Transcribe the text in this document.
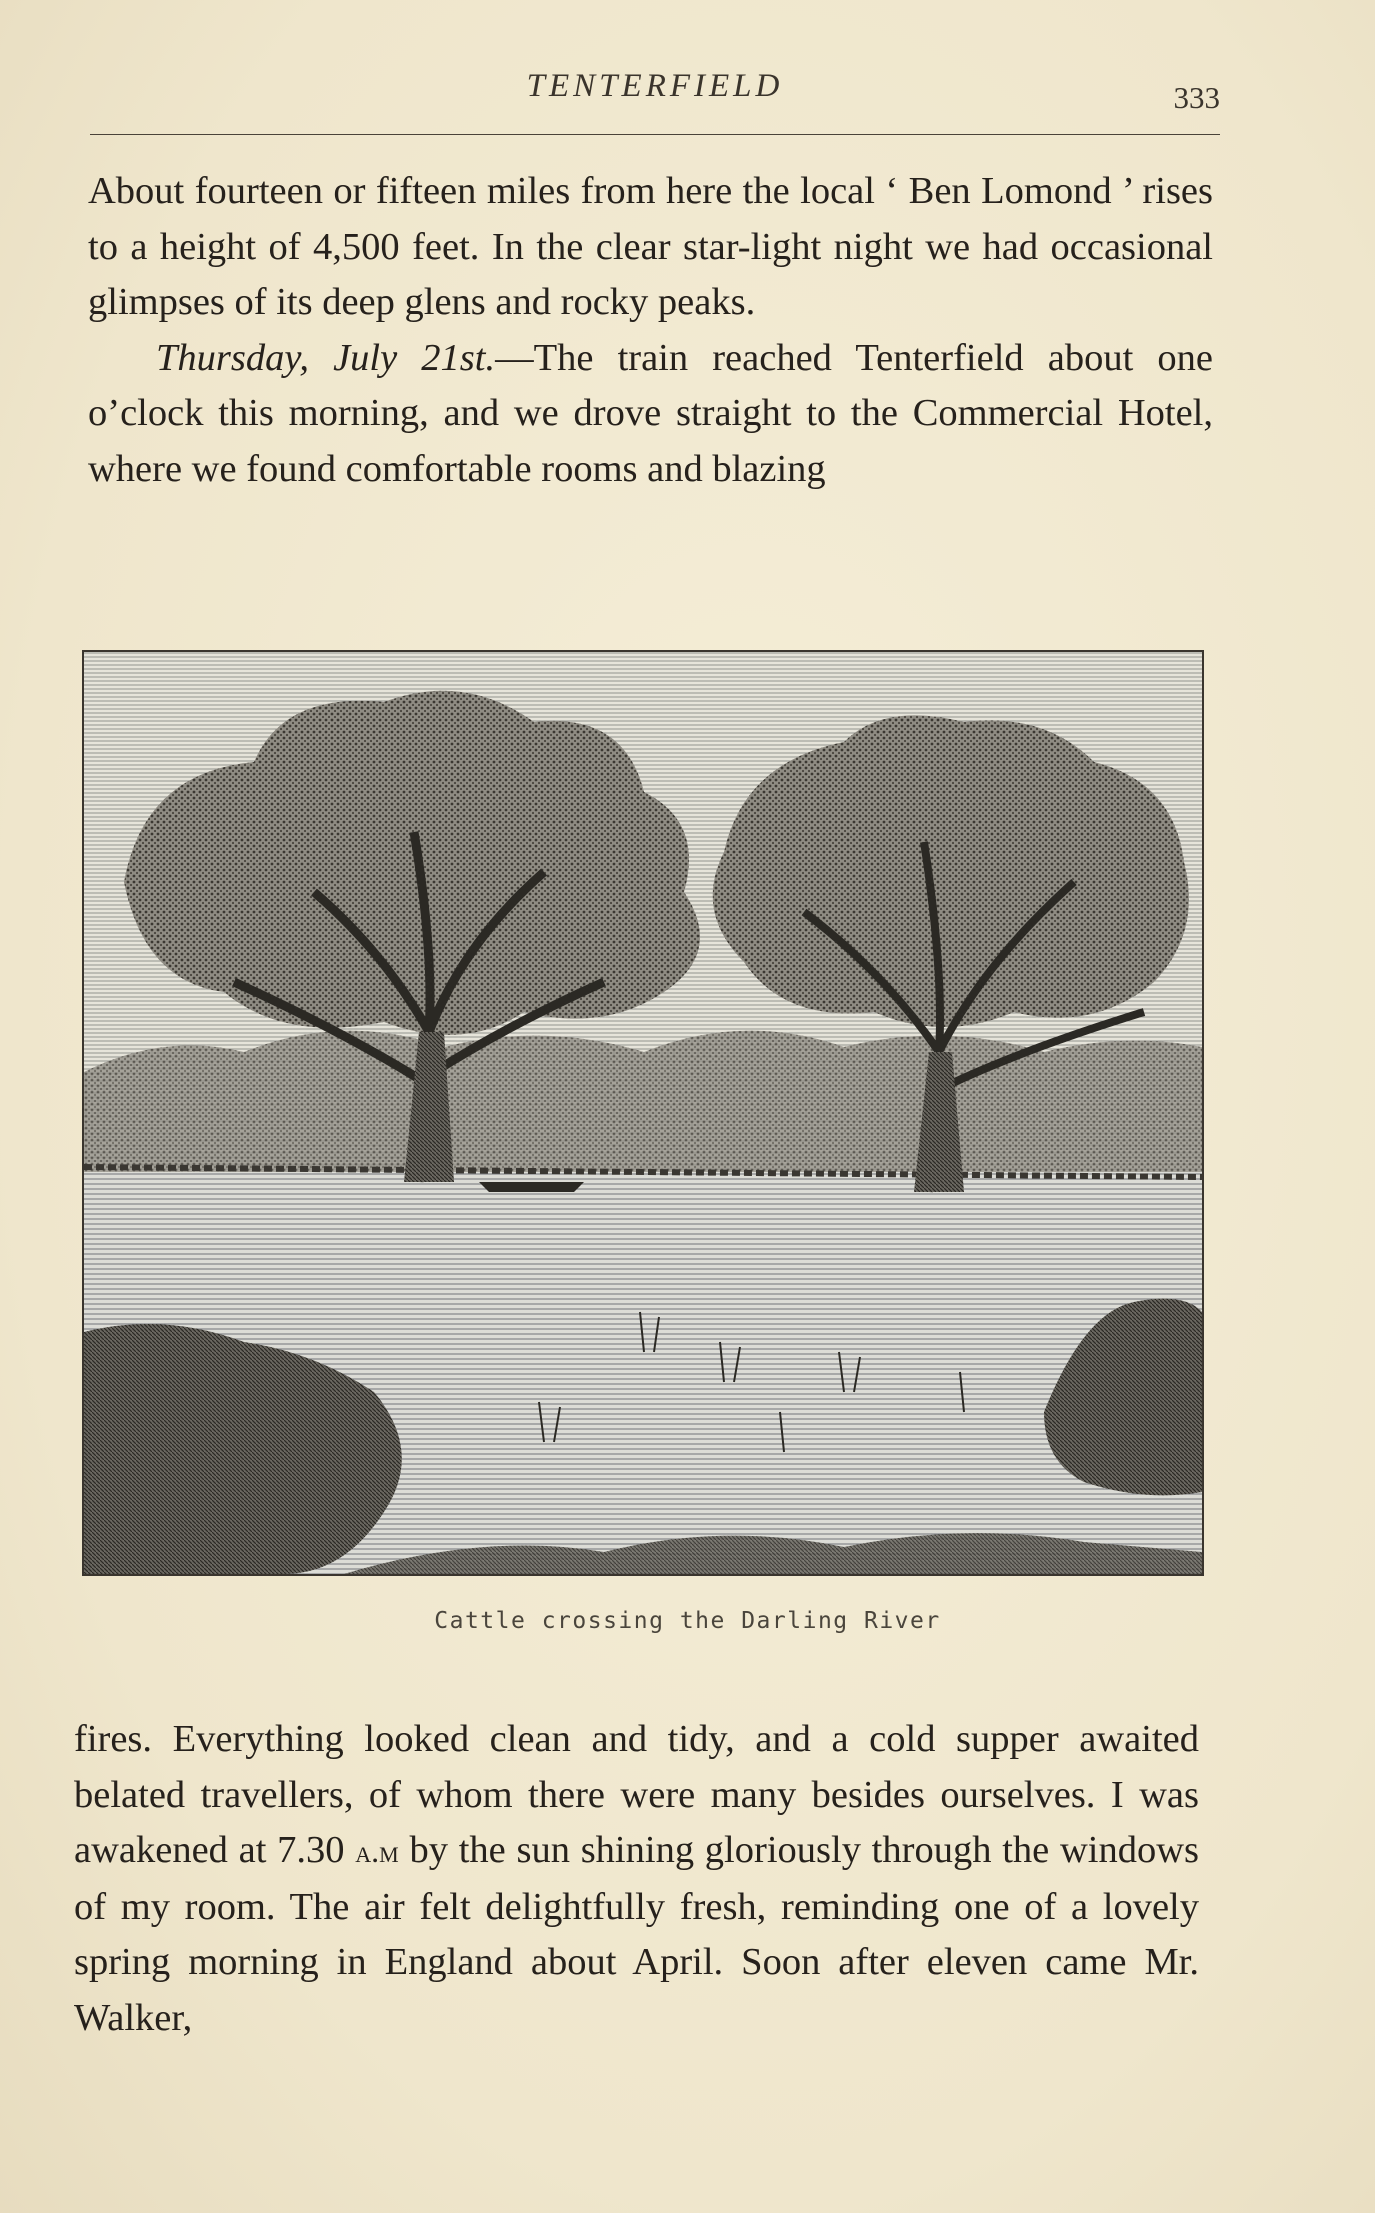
TENTERFIELD	333

About fourteen or fifteen miles from here the local ‘ Ben Lomond ’ rises to a height of 4,500 feet. In the clear star-light night we had occasional glimpses of its deep glens and rocky peaks.

Thursday, July 21st.—The train reached Tenterfield about one o’clock this morning, and we drove straight to the Commercial Hotel, where we found comfortable rooms and blazing

Cattle crossing the Darling River

fires. Everything looked clean and tidy, and a cold supper awaited belated travellers, of whom there were many besides ourselves. I was awakened at 7.30 a.m by the sun shining gloriously through the windows of my room. The air felt delightfully fresh, reminding one of a lovely spring morning in England about April. Soon after eleven came Mr. Walker,
